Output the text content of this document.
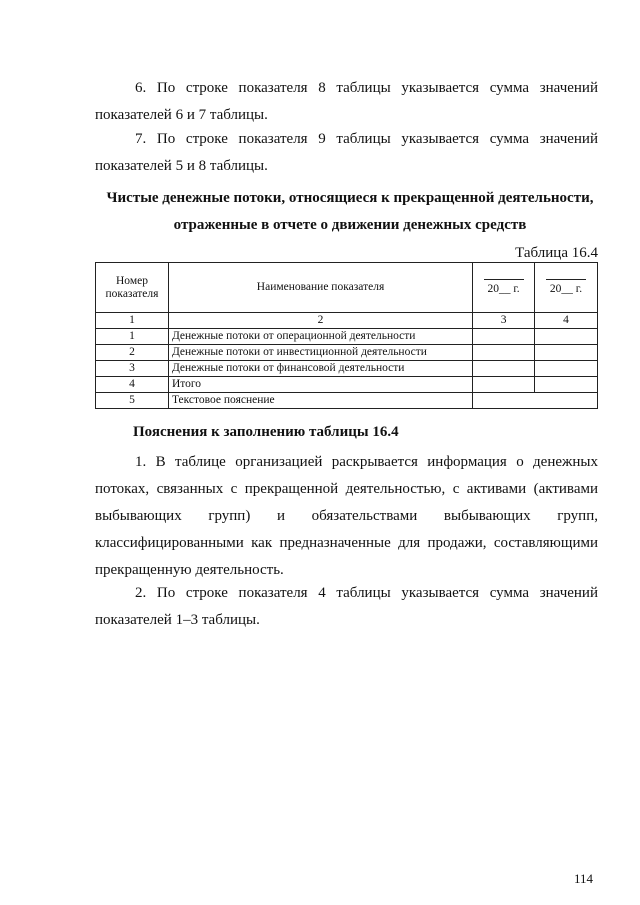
6. По строке показателя 8 таблицы указывается сумма значений показателей 6 и 7 таблицы.

7. По строке показателя 9 таблицы указывается сумма значений показателей 5 и 8 таблицы.

Чистые денежные потоки, относящиеся к прекращенной деятельности,

отраженные в отчете о движении денежных средств

Таблица 16.4
Номер показателя	Наименование показателя	20__ г.	20__ г.
1	2	3	4
1	Денежные потоки от операционной деятельности		
2	Денежные потоки от инвестиционной деятельности		
3	Денежные потоки от финансовой деятельности		
4	Итого		
5	Текстовое пояснение		

Пояснения к заполнению таблицы 16.4

1. В таблице организацией раскрывается информация о денежных потоках, связанных с прекращенной деятельностью, с активами (активами выбывающих групп) и обязательствами выбывающих групп, классифицированными как предназначенные для продажи, составляющими прекращенную деятельность.

2. По строке показателя 4 таблицы указывается сумма значений показателей 1–3 таблицы.

114
